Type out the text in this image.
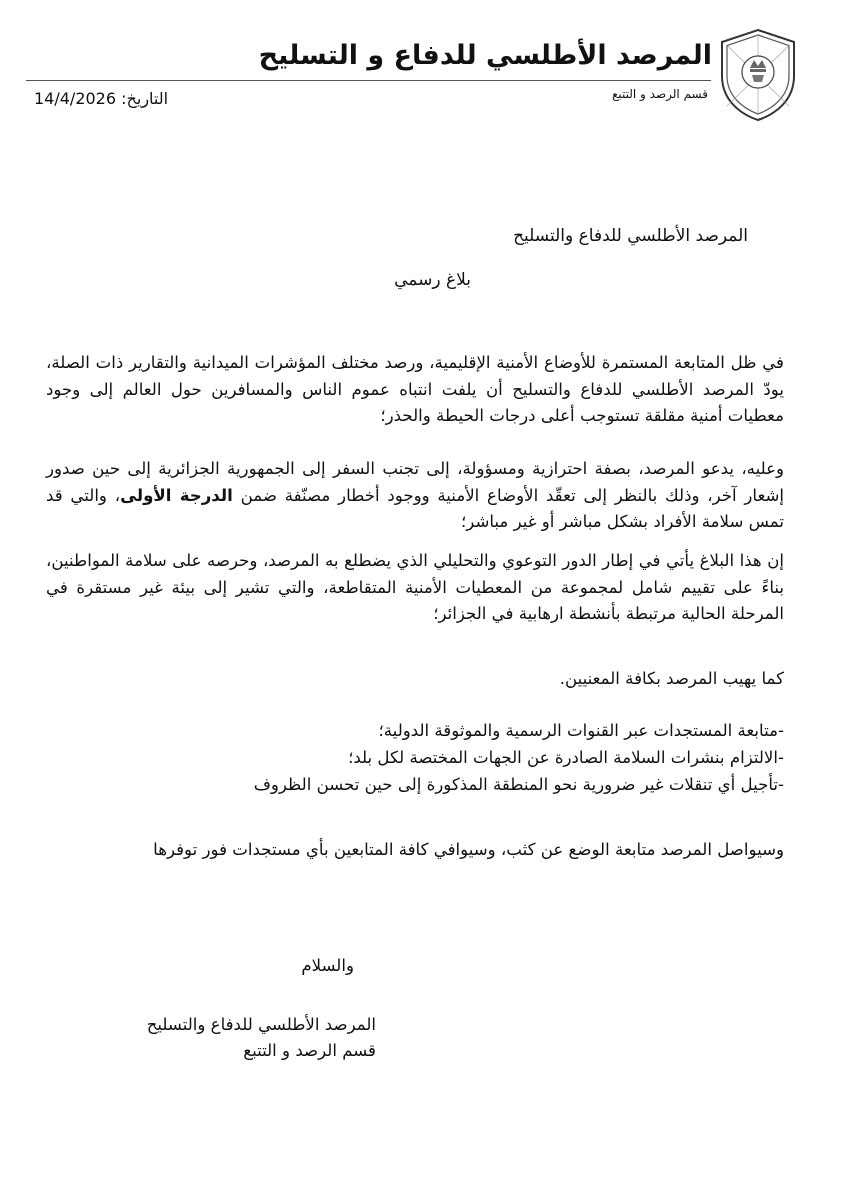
المرصد الأطلسي للدفاع و التسليح
قسم الرصد و التتبع
التاريخ: 14/4/2026
المرصد الأطلسي للدفاع والتسليح
بلاغ رسمي

في ظل المتابعة المستمرة للأوضاع الأمنية الإقليمية، ورصد مختلف المؤشرات الميدانية والتقارير ذات الصلة، يودّ المرصد الأطلسي للدفاع والتسليح أن يلفت انتباه عموم الناس والمسافرين حول العالم إلى وجود معطيات أمنية مقلقة تستوجب أعلى درجات الحيطة والحذر؛

وعليه، يدعو المرصد، بصفة احترازية ومسؤولة، إلى تجنب السفر إلى الجمهورية الجزائرية إلى حين صدور إشعار آخر، وذلك بالنظر إلى تعقّد الأوضاع الأمنية ووجود أخطار مصنّفة ضمن الدرجة الأولى، والتي قد تمس سلامة الأفراد بشكل مباشر أو غير مباشر؛

إن هذا البلاغ يأتي في إطار الدور التوعوي والتحليلي الذي يضطلع به المرصد، وحرصه على سلامة المواطنين، بناءً على تقييم شامل لمجموعة من المعطيات الأمنية المتقاطعة، والتي تشير إلى بيئة غير مستقرة في المرحلة الحالية مرتبطة بأنشطة ارهابية في الجزائر؛

كما يهيب المرصد بكافة المعنيين.

-متابعة المستجدات عبر القنوات الرسمية والموثوقة الدولية؛
-الالتزام بنشرات السلامة الصادرة عن الجهات المختصة لكل بلد؛
-تأجيل أي تنقلات غير ضرورية نحو المنطقة المذكورة إلى حين تحسن الظروف

وسيواصل المرصد متابعة الوضع عن كثب، وسيوافي كافة المتابعين بأي مستجدات فور توفرها

والسلام
المرصد الأطلسي للدفاع والتسليح
قسم الرصد و التتبع
